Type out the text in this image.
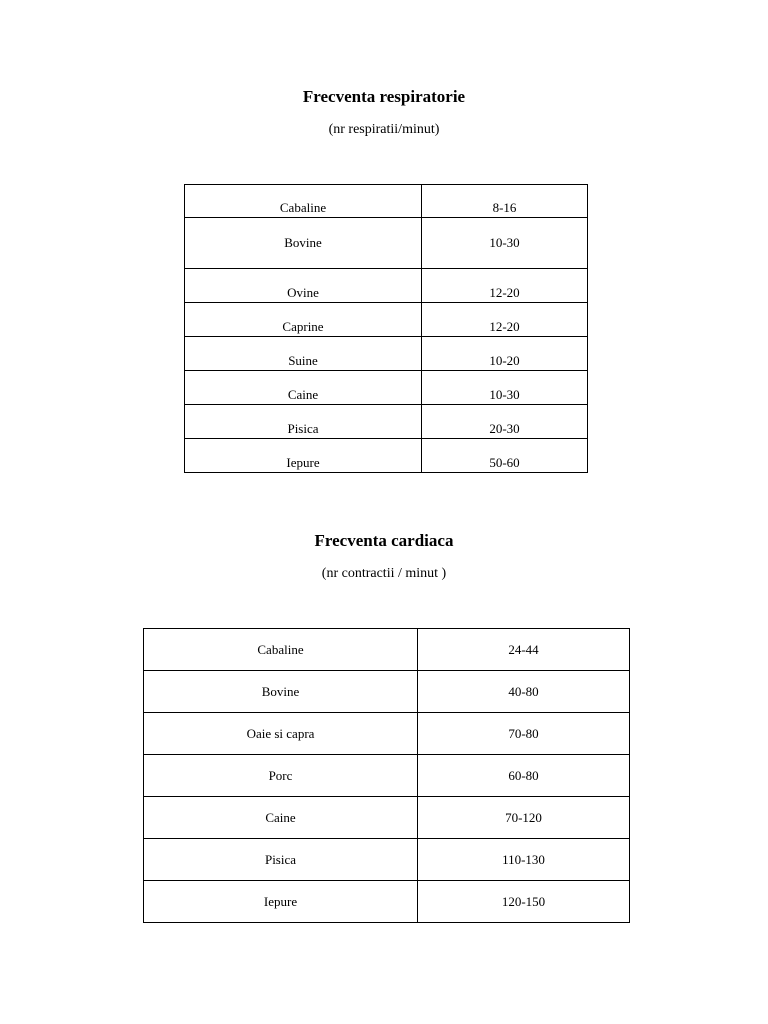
Frecventa respiratorie
(nr respiratii/minut)
Cabaline	8-16
Bovine	10-30
Ovine	12-20
Caprine	12-20
Suine	10-20
Caine	10-30
Pisica	20-30
Iepure	50-60
Frecventa cardiaca
(nr contractii / minut )
Cabaline	24-44
Bovine	40-80
Oaie si capra	70-80
Porc	60-80
Caine	70-120
Pisica	110-130
Iepure	120-150
